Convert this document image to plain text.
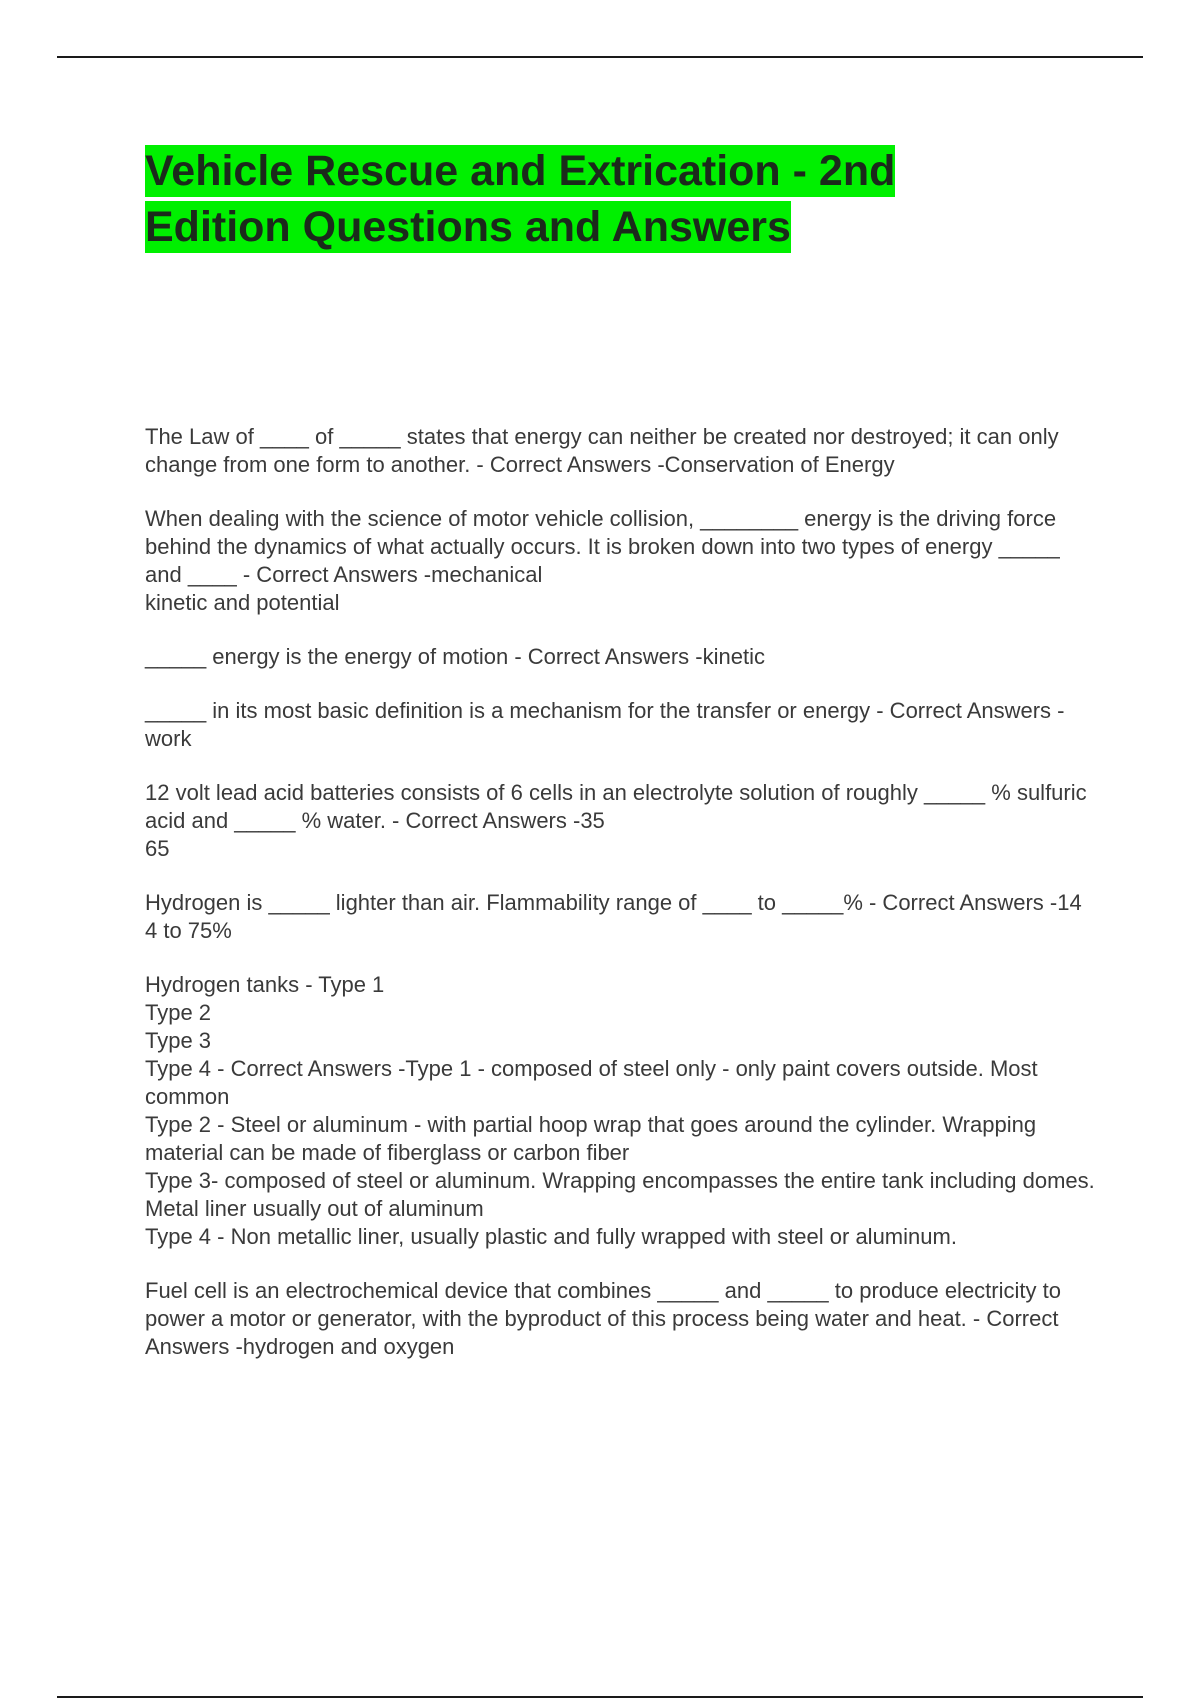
Vehicle Rescue and Extrication - 2nd Edition Questions and Answers

The Law of ____ of _____ states that energy can neither be created nor destroyed; it can only change from one form to another. - Correct Answers -Conservation of Energy

When dealing with the science of motor vehicle collision, ________ energy is the driving force behind the dynamics of what actually occurs. It is broken down into two types of energy _____ and ____ - Correct Answers -mechanical
kinetic and potential

_____ energy is the energy of motion - Correct Answers -kinetic

_____ in its most basic definition is a mechanism for the transfer or energy - Correct Answers -work

12 volt lead acid batteries consists of 6 cells in an electrolyte solution of roughly _____ % sulfuric acid and _____ % water. - Correct Answers -35
65

Hydrogen is _____ lighter than air. Flammability range of ____ to _____% - Correct Answers -14
4 to 75%

Hydrogen tanks - Type 1
Type 2
Type 3
Type 4 - Correct Answers -Type 1 - composed of steel only - only paint covers outside. Most common
Type 2 - Steel or aluminum - with partial hoop wrap that goes around the cylinder. Wrapping material can be made of fiberglass or carbon fiber
Type 3- composed of steel or aluminum. Wrapping encompasses the entire tank including domes. Metal liner usually out of aluminum
Type 4 - Non metallic liner, usually plastic and fully wrapped with steel or aluminum.

Fuel cell is an electrochemical device that combines _____ and _____ to produce electricity to power a motor or generator, with the byproduct of this process being water and heat. - Correct Answers -hydrogen and oxygen
